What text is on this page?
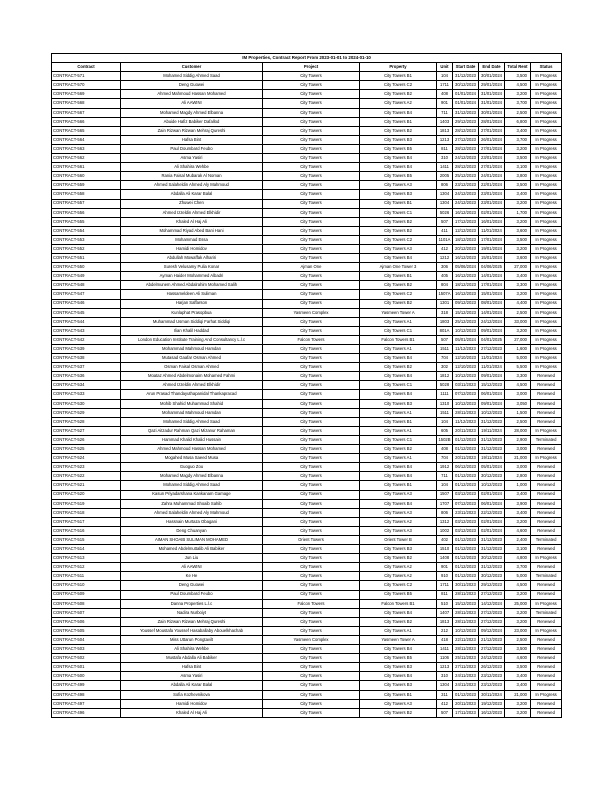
IM Properties, Contract Report From 2023-01-01 to 2024-01-10								
Contract	Customer	Project	Property	Unit	Start Date	End Date	Total Rent	Status
CONTRACT-571	Mohamed Siddig Ahmed Saad	City Towers	City Towers B1	104	31/12/2023	30/01/2024	3,500	In Progress
CONTRACT-570	Deng Guowei	City Towers	City Towers C2	1711	30/12/2023	29/01/2024	4,500	In Progress
CONTRACT-569	Ahmed Mahmoud Hassan Mohamed	City Towers	City Towers B2	408	01/01/2024	31/01/2024	3,200	In Progress
CONTRACT-568	Ali AAWINI	City Towers	City Towers A2	901	01/01/2024	31/01/2024	3,700	In Progress
CONTRACT-567	Mohamed Magdy Ahmed Elbanna	City Towers	City Towers B4	711	31/12/2023	30/01/2024	2,500	In Progress
CONTRACT-566	Abuide Hafiz Babiker Dafallod	City Towers	City Towers B1	1403	29/12/2023	28/01/2024	6,800	In Progress
CONTRACT-565	Zain Rizwan Rizwan Mehraj Qureshi	City Towers	City Towers B2	1813	28/12/2023	27/01/2024	3,400	In Progress
CONTRACT-564	Hafsa Bint	City Towers	City Towers B3	1213	27/12/2023	26/01/2024	3,700	In Progress
CONTRACT-563	Paul Doumbard Feubo	City Towers	City Towers B5	811	28/12/2023	27/01/2024	3,200	In Progress
CONTRACT-562	Asma Yasiri	City Towers	City Towers B4	310	24/12/2023	23/01/2024	3,500	In Progress
CONTRACT-561	Ali Shahira Wehbe	City Towers	City Towers B4	1411	28/12/2023	27/01/2024	3,100	In Progress
CONTRACT-560	Rania Faisal Mubarak Al Noman	City Towers	City Towers B5	2005	25/12/2023	24/01/2024	3,800	In Progress
CONTRACT-559	Ahmed Salaheldin Ahmed Aly Mahmoud	City Towers	City Towers A3	806	23/12/2023	22/01/2024	3,500	In Progress
CONTRACT-558	Abdalla Ali Karar Balal	City Towers	City Towers B3	1304	24/12/2023	23/01/2024	3,400	In Progress
CONTRACT-557	Zhuwei Chen	City Towers	City Towers B1	1304	24/12/2023	23/01/2024	3,200	In Progress
CONTRACT-556	Ahmed Izzeldin Ahmed Elkhidir	City Towers	City Towers C1	5026	16/12/2023	02/01/2024	1,700	In Progress
CONTRACT-555	Khaled Al Haj Ali	City Towers	City Towers B2	507	17/12/2023	16/01/2024	3,200	In Progress
CONTRACT-554	Mohammad Riyad Abed Bani Hani	City Towers	City Towers B2	411	12/12/2023	11/01/2024	3,600	In Progress
CONTRACT-553	Mohammad Essa	City Towers	City Towers C2	1101A	18/12/2023	17/01/2024	3,500	In Progress
CONTRACT-552	Hamidi Homidov	City Towers	City Towers A3	412	20/12/2023	19/01/2024	3,200	In Progress
CONTRACT-551	Abdullah Mowaffak Alhariri	City Towers	City Towers B4	1212	16/12/2023	15/01/2024	3,600	In Progress
CONTRACT-550	Suresh Velusamy Pulia Konar	Ajman One	Ajman One Tower 3	306	05/06/2024	04/06/2025	27,000	In Progress
CONTRACT-549	Ayman Haider Mohammed Albadri	City Towers	City Towers B1	405	16/12/2023	14/01/2024	3,400	In Progress
CONTRACT-548	Abdelmunem Ahmed Abdalrahim Mohamed Salih	City Towers	City Towers B2	804	18/12/2023	17/01/2024	3,300	In Progress
CONTRACT-547	Hassameldeen Ali Suliman	City Towers	City Towers C2	1507A	16/12/2023	15/01/2024	3,200	In Progress
CONTRACT-546	Harjan Saffarson	City Towers	City Towers B2	1301	09/12/2023	08/01/2024	4,400	In Progress
CONTRACT-545	Kunlaphat Prasopbua	Yasmeen Complex	Yasmeen Tower A	318	15/12/2023	14/01/2024	2,500	In Progress
CONTRACT-544	Muhammad Usman Siddiqi Farhat Siddiqi	City Towers	City Towers A1	1803	25/12/2023	24/12/2024	33,000	In Progress
CONTRACT-543	Ilian Khalil Haddad	City Towers	City Towers C1	801A	10/12/2023	09/01/2024	3,200	In Progress
CONTRACT-542	London Education Institute Training And Consultancy L.l.c	Falcon Towers	Falcon Towers B1	507	05/01/2024	04/01/2025	27,000	In Progress
CONTRACT-539	Mohammad Mahmoud Hamdan	City Towers	City Towers A1	1511	11/12/2023	27/12/2023	1,600	In Progress
CONTRACT-538	Mutasad Gaafar Osman Ahmed	City Towers	City Towers B4	704	12/10/2023	11/01/2024	5,000	In Progress
CONTRACT-537	Osman Faisal Osman Ahmed	City Towers	City Towers B2	302	12/10/2023	11/01/2024	5,500	In Progress
CONTRACT-536	Moataz Ahmed Abdelmonaim Mohamed Fahmi	City Towers	City Towers B4	1812	10/12/2023	09/01/2024	3,300	Renewed
CONTRACT-534	Ahmed Izzeldin Ahmed Elkhidir	City Towers	City Towers C1	5028	03/11/2023	15/12/2023	4,500	Renewed
CONTRACT-533	Arun Prasad Thandayuthapanidal Thankapracad	City Towers	City Towers B4	1111	07/12/2023	06/01/2024	3,000	Renewed
CONTRACT-530	Mohib Shahid Muhammad Shahid	City Towers	City Towers B3	1310	10/12/2023	09/01/2024	3,050	Renewed
CONTRACT-529	Mohammad Mahmoud Hamdan	City Towers	City Towers A1	1511	28/11/2023	10/12/2023	1,500	Renewed
CONTRACT-528	Mohamed Siddig Ahmed Saad	City Towers	City Towers B1	104	11/12/2023	31/12/2023	2,500	Renewed
CONTRACT-527	Qazi Aitzadur Rahman Qazi Mizanur Rahaman	City Towers	City Towers A1	605	20/11/2023	19/11/2024	28,000	In Progress
CONTRACT-526	Hammad Khalid Khalid Hussain	City Towers	City Towers C1	1502B	01/12/2023	31/12/2023	2,900	Terminated
CONTRACT-525	Ahmed Mahmoud Hassan Mohamed	City Towers	City Towers B2	408	01/12/2023	31/12/2023	3,000	Renewed
CONTRACT-524	Mogahed Musa Saeed Musa	City Towers	City Towers A1	704	20/11/2023	19/11/2024	21,000	In Progress
CONTRACT-523	Guoguo Zou	City Towers	City Towers B4	1912	06/12/2023	05/01/2024	3,000	Renewed
CONTRACT-522	Mohamed Magdy Ahmed Elbanna	City Towers	City Towers B4	711	01/12/2023	30/12/2023	2,800	Renewed
CONTRACT-521	Mohamed Siddig Ahmed Saad	City Towers	City Towers B1	104	01/12/2023	10/12/2023	1,000	Renewed
CONTRACT-520	Kasun Priyadarshana Kankanam Gamage	City Towers	City Towers A3	1507	03/12/2023	02/01/2024	3,400	Renewed
CONTRACT-519	Zahra Muhammad Shoaib Sahib	City Towers	City Towers B4	1707	07/12/2023	06/01/2024	3,900	Renewed
CONTRACT-518	Ahmed Salaheldin Ahmed Aly Mahmoud	City Towers	City Towers A3	806	23/11/2023	22/12/2023	3,400	Renewed
CONTRACT-517	Hassnain Murtaza Obagani	City Towers	City Towers A2	1312	03/12/2023	02/01/2024	3,200	Renewed
CONTRACT-516	Deng Chuanyan	City Towers	City Towers A3	1002	03/12/2023	02/01/2024	4,600	Renewed
CONTRACT-515	AIMAN SHOAIB SULIMAN MOHAMED	Orient Towers	Orient Tower B	402	01/12/2023	31/12/2023	2,400	Terminated
CONTRACT-514	Mohamed Abdelmuttalib Ali Babiker	City Towers	City Towers B3	1510	01/12/2023	31/12/2023	3,100	Renewed
CONTRACT-513	Jun Liu	City Towers	City Towers B2	1408	01/12/2023	30/12/2023	4,800	In Progress
CONTRACT-512	Ali AAWINI	City Towers	City Towers A2	901	01/12/2023	31/12/2023	3,700	Renewed
CONTRACT-511	Ke He	City Towers	City Towers A2	910	01/12/2023	30/12/2023	5,000	Terminated
CONTRACT-510	Deng Guowei	City Towers	City Towers C2	1711	30/11/2023	29/12/2023	4,500	Renewed
CONTRACT-509	Paul Doumbard Feubo	City Towers	City Towers B5	811	28/11/2023	27/12/2023	3,200	Renewed
CONTRACT-508	Danna Properties L.l.c	Falcon Towers	Falcon Towers B1	510	15/12/2023	14/12/2024	25,000	In Progress
CONTRACT-507	Nadira Nurboiyt	City Towers	City Towers B4	1407	28/11/2023	27/12/2023	3,200	Terminated
CONTRACT-506	Zain Rizwan Rizwan Mehraj Qureshi	City Towers	City Towers B2	1813	28/11/2023	27/12/2023	3,200	Renewed
CONTRACT-505	Youssef Moustafa Youssef Hasaballaby Abouelkhachab	City Towers	City Towers A1	212	10/12/2023	09/12/2024	23,000	In Progress
CONTRACT-504	Miss Uttarun Pongtavilt	Yasmeen Complex	Yasmeen Tower A	418	22/11/2023	21/12/2023	2,500	Renewed
CONTRACT-503	Ali Shahira Wehbe	City Towers	City Towers B4	1411	28/11/2023	27/12/2023	3,500	Renewed
CONTRACT-502	Mustafa Abdalla Ali Babiker	City Towers	City Towers B5	1106	25/11/2023	24/12/2023	4,600	Renewed
CONTRACT-501	Hafsa Bint	City Towers	City Towers B3	1213	27/11/2023	26/12/2023	3,500	Renewed
CONTRACT-500	Asma Yasiri	City Towers	City Towers B4	310	24/11/2023	23/12/2023	3,400	Renewed
CONTRACT-499	Abdalla Ali Karar Balal	City Towers	City Towers B3	1304	24/11/2023	23/12/2023	3,400	Renewed
CONTRACT-498	Sofia Kozhevnikova	City Towers	City Towers B1	311	01/12/2023	30/11/2024	21,000	In Progress
CONTRACT-497	Hamidi Homidov	City Towers	City Towers A3	412	20/11/2023	19/12/2023	3,200	Renewed
CONTRACT-496	Khaled Al Haj Ali	City Towers	City Towers B2	507	17/11/2023	16/12/2023	3,200	Renewed
